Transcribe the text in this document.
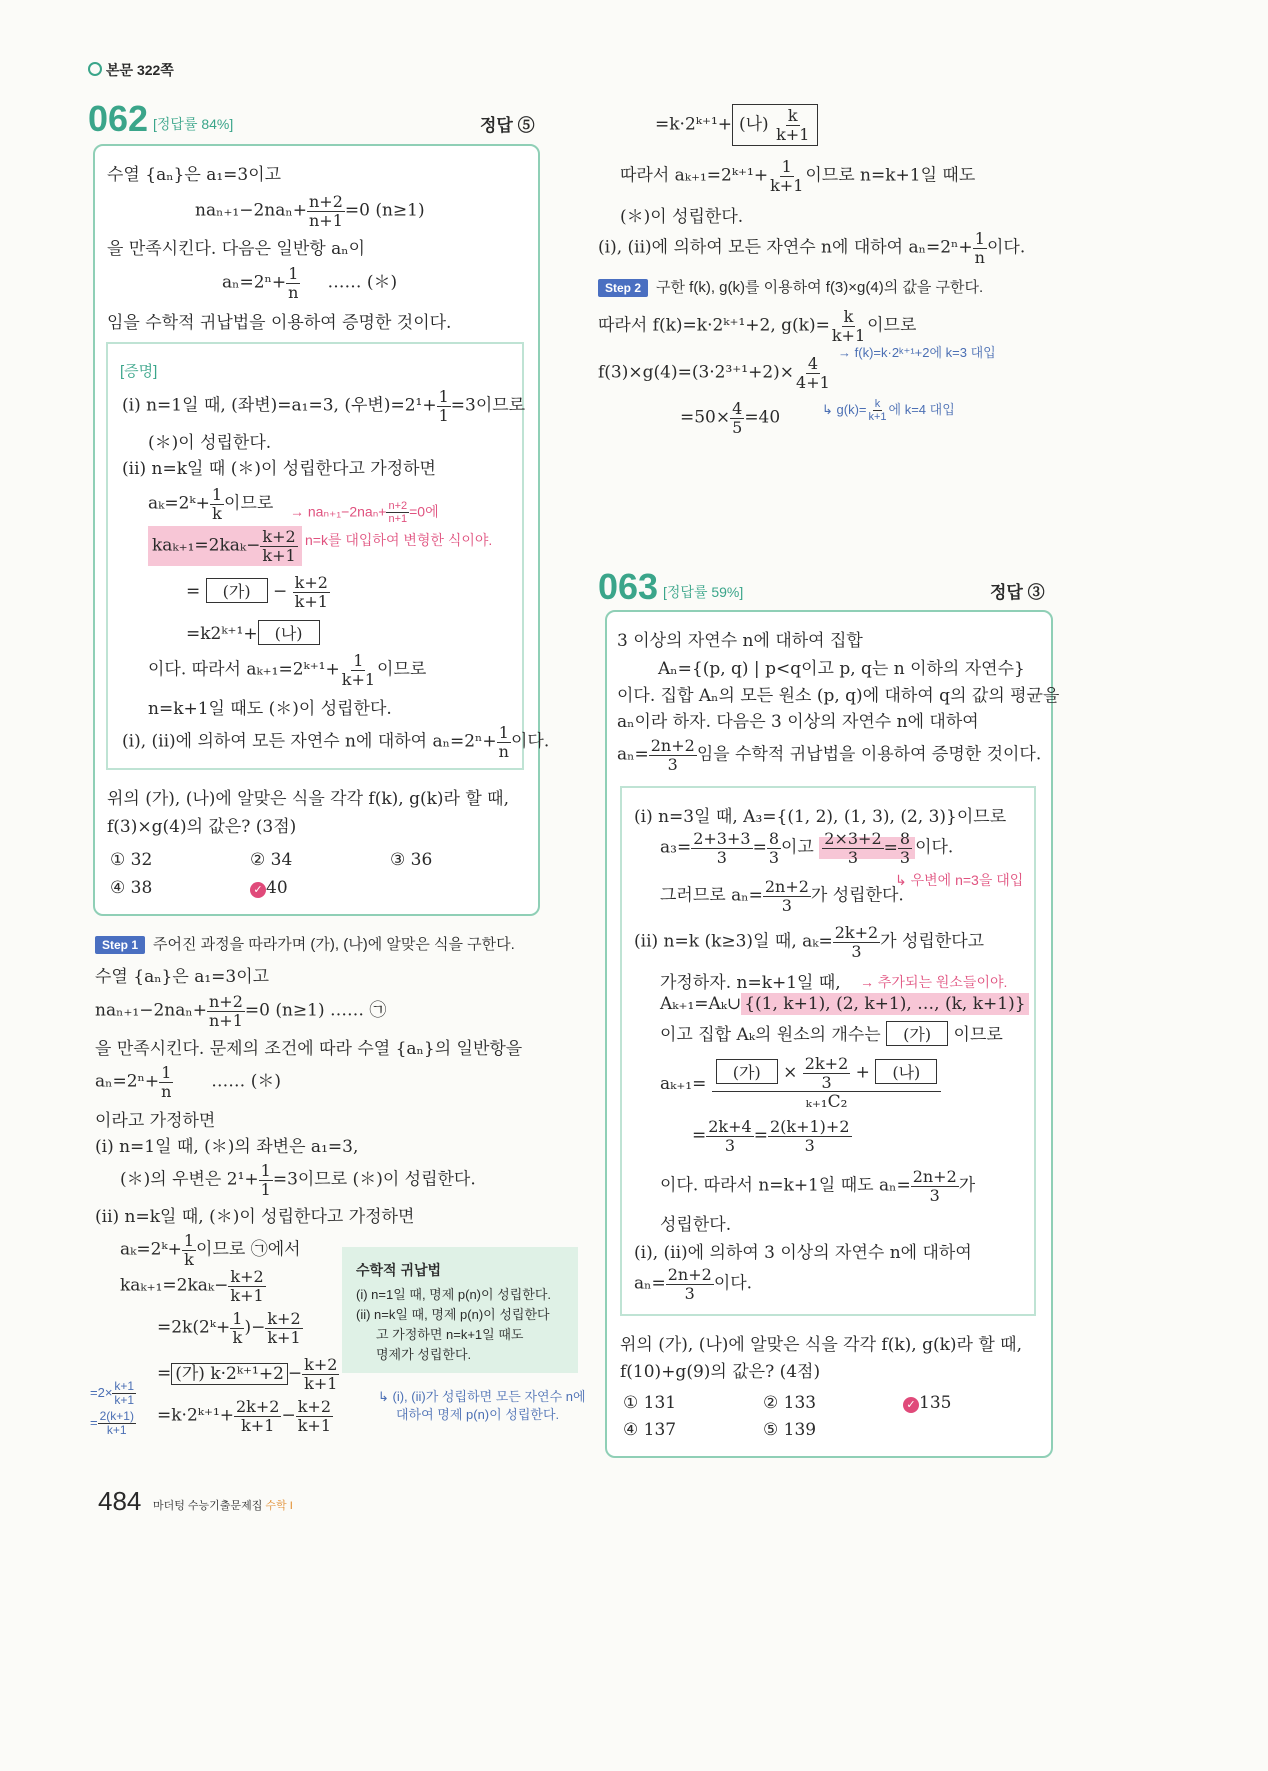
본문 322쪽
062 [정답률 84%]	정답 ⑤
수열 {aₙ}은 a₁=3이고
$na_{n+1}-2na_n+ \frac{n+2}{n+1} =0$ (n≥1)
을 만족시킨다. 다음은 일반항 aₙ이
$a_n=2^n+ \frac{1}{n}$ …… (＊)
임을 수학적 귀납법을 이용하여 증명한 것이다.
[증명]
(i) n=1일 때, (좌변)=a₁=3, (우변)$=2^1+ \frac{1}{1} =3$이므로
(＊)이 성립한다.
(ii) n=k일 때 (＊)이 성립한다고 가정하면
aₖ=2ᵏ+ $\frac{1}{k}$ 이므로 → $na_{n+1}-2na_n+ \frac{n+2}{n+1} =0$에
$ka_{k+1}=2ka_k- \frac{k+2}{k+1} n=k$를 대입하여 변형한 식이야.
= (가) − $\frac{k+2}{k+1}$
=k2ᵏ⁺¹+ (나)
이다. 따라서 aₖ₊₁=2ᵏ⁺¹+ $\frac{1}{k+1}$ 이므로
n=k+1일 때도 (＊)이 성립한다.
(i), (ii)에 의하여 모든 자연수 n에 대하여 $a_n=2^n+ \frac{1}{n}$ 이다.
위의 (가), (나)에 알맞은 식을 각각 f(k), g(k)라 할 때,
f(3)×g(4)의 값은? (3점)
① 32	② 34	③ 36
④ 38	✓ 40
Step 1 주어진 과정을 따라가며 (가), (나)에 알맞은 식을 구한다.
수열 {aₙ}은 a₁=3이고
$na_{n+1}-2na_n+ \frac{n+2}{n+1} =0$ (n≥1) …… ㉠
을 만족시킨다. 문제의 조건에 따라 수열 {aₙ}의 일반항을
$a_n=2^n+ \frac{1}{n}$ …… (＊)
이라고 가정하면
(i) n=1일 때, (＊)의 좌변은 a₁=3,
(＊)의 우변은 $2^1+ \frac{1}{1} =3$이므로 (＊)이 성립한다.
(ii) n=k일 때, (＊)이 성립한다고 가정하면
aₖ=2ᵏ+ $\frac{1}{k}$ 이므로 ㉠에서
$ka_{k+1}=2ka_k- \frac{k+2}{k+1}$
=2k(2ᵏ+ $\frac{1}{k}$ )− $\frac{k+2}{k+1}$
= (가) k·2ᵏ⁺¹+2 − $\frac{k+2}{k+1}$
=k·2ᵏ⁺¹+ $\frac{2k+2}{k+1} - \frac{k+2}{k+1}$
$=2\times \frac{k+1}{k+1}$
= $\frac{2(k+1)}{k+1}$
수학적 귀납법
(i) n=1일 때, 명제 p(n)이 성립한다.
(ii) n=k일 때, 명제 p(n)이 성립한다
고 가정하면 n=k+1일 때도
명제가 성립한다.
↳ (i), (ii)가 성립하면 모든 자연수 n에
대하여 명제 p(n)이 성립한다.
=k·2ᵏ⁺¹+ (나) $\frac{k}{k+1}$
따라서 aₖ₊₁=2ᵏ⁺¹+ $\frac{1}{k+1}$ 이므로 n=k+1일 때도
(＊)이 성립한다.
(i), (ii)에 의하여 모든 자연수 n에 대하여 $a_n=2^n+ \frac{1}{n}$ 이다.
Step 2 구한 f(k), g(k)를 이용하여 f(3)×g(4)의 값을 구한다.
따라서 f(k)=k·2ᵏ⁺¹+2, $g(k)= \frac{k}{k+1}$ 이므로
→ f(k)=k·2ᵏ⁺¹+2에 k=3 대입
$f(3)\times g(4)=(3\cdot 2^{3+1}+2)\times \frac{4}{4+1}$
$=50\times \frac{4}{5} =40$	↳ $g(k)= \frac{k}{k+1}$ 에 k=4 대입
063 [정답률 59%]	정답 ③
3 이상의 자연수 n에 대하여 집합
Aₙ={(p, q) | p<q이고 p, q는 n 이하의 자연수}
이다. 집합 Aₙ의 모든 원소 (p, q)에 대하여 q의 값의 평균을
aₙ이라 하자. 다음은 3 이상의 자연수 n에 대하여
$a_n= \frac{2n+2}{3}$ 임을 수학적 귀납법을 이용하여 증명한 것이다.
(i) n=3일 때, A₃={(1, 2), (1, 3), (2, 3)}이므로
$a_3= \frac{2+3+3}{3} = \frac{8}{3}$ 이고 $\frac{2\times 3+2}{3} = \frac{8}{3}$ 이다.
↳ 우변에 n=3을 대입
그러므로 $a_n= \frac{2n+2}{3}$ 가 성립한다.
(ii) n=k (k≥3)일 때, $a_k= \frac{2k+2}{3}$ 가 성립한다고
가정하자. n=k+1일 때, → 추가되는 원소들이야.
Aₖ₊₁=Aₖ∪ {(1, k+1), (2, k+1), …, (k, k+1)}
이고 집합 Aₖ의 원소의 개수는 (가) 이므로
aₖ₊₁=
(가) × $\frac{2k+2}{3}$ + (나)
ₖ₊₁C₂
= $\frac{2k+4}{3} = \frac{2(k+1)+2}{3}$
이다. 따라서 n=k+1일 때도 $a_n= \frac{2n+2}{3}$ 가
성립한다.
(i), (ii)에 의하여 3 이상의 자연수 n에 대하여
$a_n= \frac{2n+2}{3}$ 이다.
위의 (가), (나)에 알맞은 식을 각각 f(k), g(k)라 할 때,
f(10)+g(9)의 값은? (4점)
① 131	② 133	✓ 135
④ 137	⑤ 139
484 마더텅 수능기출문제집 수학 I
